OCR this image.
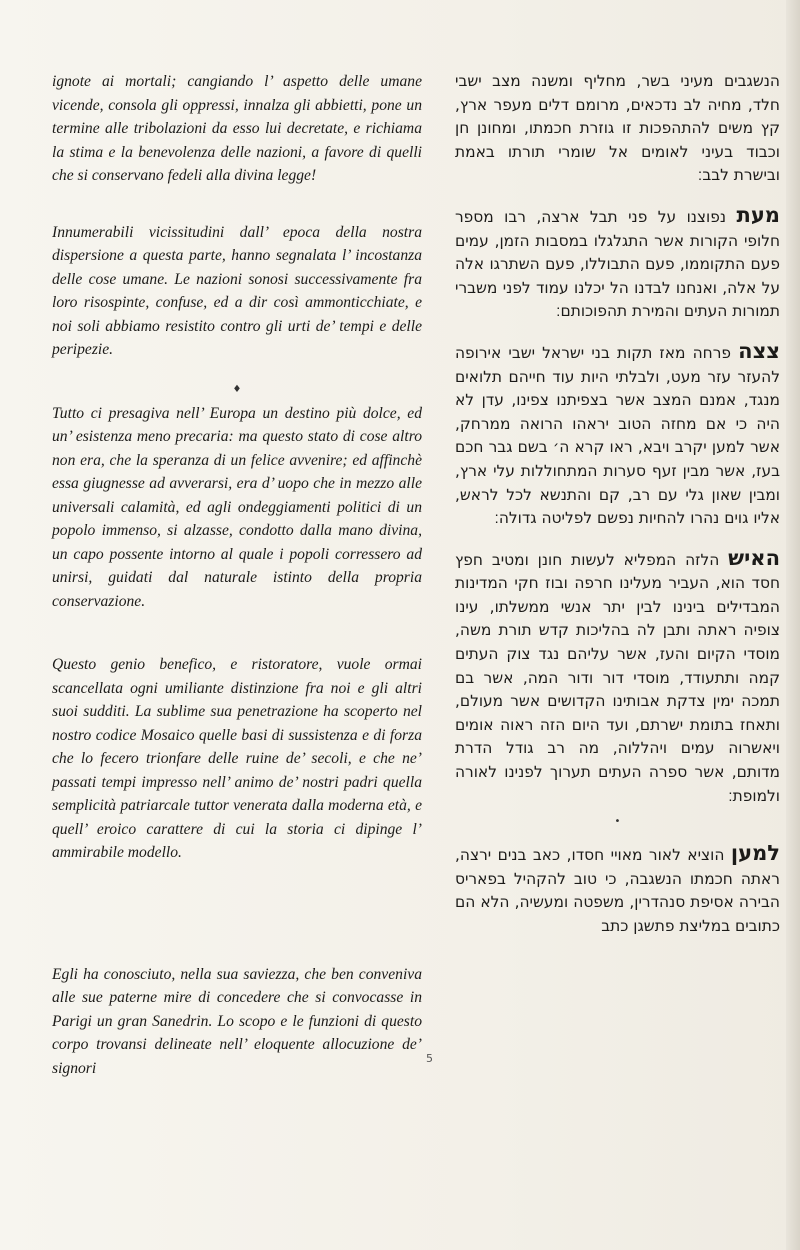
ignote ai mortali; cangiando l’ aspetto delle umane vicende, consola gli oppressi, innalza gli abbietti, pone un termine alle tribolazioni da esso lui decretate, e richiama la stima e la benevolenza delle nazioni, a favore di quelli che si conservano fedeli alla divina legge!

Innumerabili vicissitudini dall’ epoca della nostra dispersione a questa parte, hanno segnalata l’ incostanza delle cose umane. Le nazioni sonosi successivamente fra loro risospinte, confuse, ed a dir così ammonticchiate, e noi soli abbiamo resistito contro gli urti de’ tempi e delle peripezie.

♦

Tutto ci presagiva nell’ Europa un destino più dolce, ed un’ esistenza meno precaria: ma questo stato di cose altro non era, che la speranza di un felice avvenire; ed affinchè essa giugnesse ad avverarsi, era d’ uopo che in mezzo alle universali calamità, ed agli ondeggiamenti politici di un popolo immenso, si alzasse, condotto dalla mano divina, un capo possente intorno al quale i popoli corressero ad unirsi, guidati dal naturale istinto della propria conservazione.

Questo genio benefico, e ristoratore, vuole ormai scancellata ogni umiliante distinzione fra noi e gli altri suoi sudditi. La sublime sua penetrazione ha scoperto nel nostro codice Mosaico quelle basi di sussistenza e di forza che lo fecero trionfare delle ruine de’ secoli, e che ne’ passati tempi impresso nell’ animo de’ nostri padri quella semplicità patriarcale tuttor venerata dalla moderna età, e quell’ eroico carattere di cui la storia ci dipinge l’ ammirabile modello.

Egli ha conosciuto, nella sua saviezza, che ben conveniva alle sue paterne mire di concedere che si convocasse in Parigi un gran Sanedrin. Lo scopo e le funzioni di questo corpo trovansi delineate nell’ eloquente allocuzione de’ signori

הנשגבים מעיני בשר, מחליף ומשנה מצב ישבי חלד, מחיה לב נדכאים, מרומם דלים מעפר ארץ, קץ משים להתהפכות זו גוזרת חכמתו, ומחונן חן וכבוד בעיני לאומים אל שומרי תורתו באמת ובישרת לבב׃

מעת נפוצנו על פני תבל ארצה, רבו מספר חלופי הקורות אשר התגלגלו במסבות הזמן, עמים פעם התקוממו, פעם התבוללו, פעם השתרגו אלה על אלה, ואנחנו לבדנו הל יכלנו עמוד לפני משברי תמורות העתים והמירת תהפוכותם׃

צצה פרחה מאז תקות בני ישראל ישבי אירופה להעזר עזר מעט, ולבלתי היות עוד חייהם תלואים מנגד, אמנם המצב אשר בצפיתנו צפינו, עדן לא היה כי אם מחזה הטוב יראהו הרואה ממרחק, אשר למען יקרב ויבא, ראו קרא ה׳ בשם גבר חכם בעז, אשר מבין זעף סערות המתחוללות עלי ארץ, ומבין שאון גלי עם רב, קם והתנשא לכל לראש, אליו גוים נהרו להחיות נפשם לפליטה גדולה׃

האיש הלזה המפליא לעשות חונן ומטיב חפץ חסד הוא, העביר מעלינו חרפה ובוז חקי המדינות המבדילים בינינו לבין יתר אנשי ממשלתו, עינו צופיה ראתה ותבן לה בהליכות קדש תורת משה, מוסדי הקיום והעז, אשר עליהם נגד צוק העתים קמה ותתעודד, מוסדי דור ודור המה, אשר בם תמכה ימין צדקת אבותינו הקדושים אשר מעולם, ותאחז בתומת ישרתם, ועד היום הזה ראוה אומים ויאשרוה עמים ויהללוה, מה רב גודל הדרת מדותם, אשר ספרה העתים תערוך לפנינו לאורה ולמופת׃

•

למען הוציא לאור מאויי חסדו, כאב בנים ירצה, ראתה חכמתו הנשגבה, כי טוב להקהיל בפאריס הבירה אסיפת סנהדרין, משפטה ומעשיה, הלא הם כתובים במליצת פתשגן כתב

5
